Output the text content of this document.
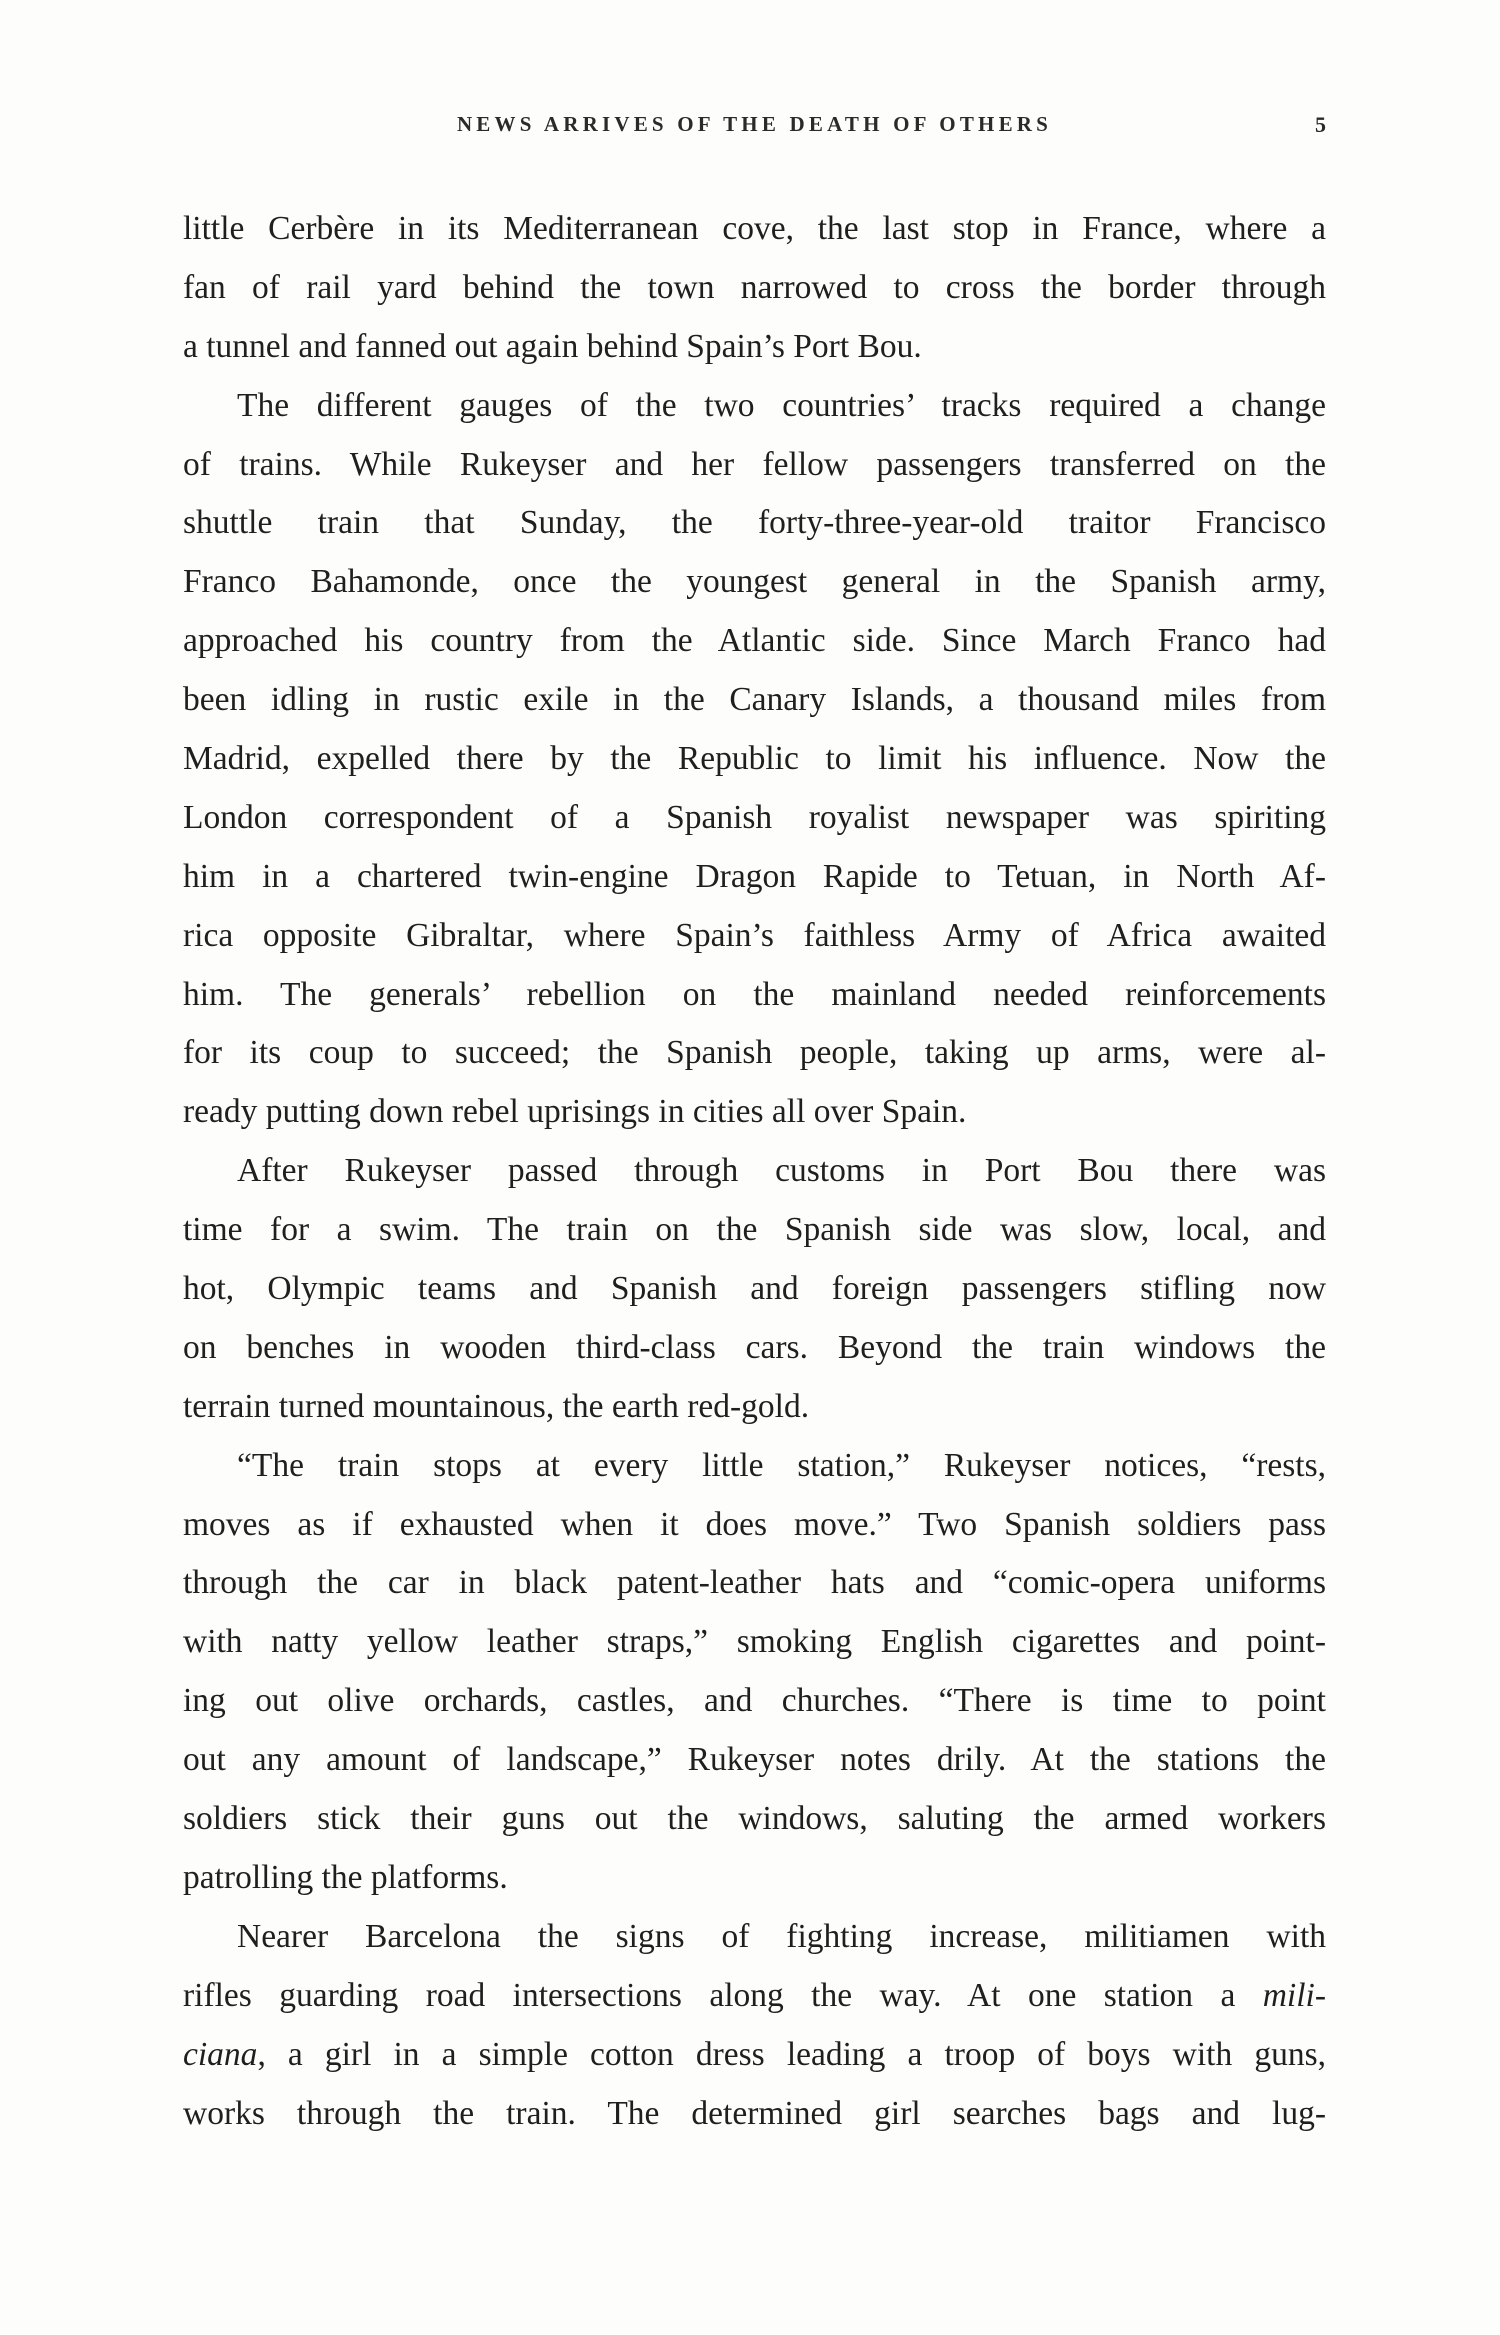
NEWS ARRIVES OF THE DEATH OF OTHERS	5
little Cerbère in its Mediterranean cove, the last stop in France, where a
fan of rail yard behind the town narrowed to cross the border through
a tunnel and fanned out again behind Spain’s Port Bou.
The different gauges of the two countries’ tracks required a change
of trains. While Rukeyser and her fellow passengers transferred on the
shuttle train that Sunday, the forty-three-year-old traitor Francisco
Franco Bahamonde, once the youngest general in the Spanish army,
approached his country from the Atlantic side. Since March Franco had
been idling in rustic exile in the Canary Islands, a thousand miles from
Madrid, expelled there by the Republic to limit his influence. Now the
London correspondent of a Spanish royalist newspaper was spiriting
him in a chartered twin-engine Dragon Rapide to Tetuan, in North Af-
rica opposite Gibraltar, where Spain’s faithless Army of Africa awaited
him. The generals’ rebellion on the mainland needed reinforcements
for its coup to succeed; the Spanish people, taking up arms, were al-
ready putting down rebel uprisings in cities all over Spain.
After Rukeyser passed through customs in Port Bou there was
time for a swim. The train on the Spanish side was slow, local, and
hot, Olympic teams and Spanish and foreign passengers stifling now
on benches in wooden third-class cars. Beyond the train windows the
terrain turned mountainous, the earth red-gold.
“The train stops at every little station,” Rukeyser notices, “rests,
moves as if exhausted when it does move.” Two Spanish soldiers pass
through the car in black patent-leather hats and “comic-opera uniforms
with natty yellow leather straps,” smoking English cigarettes and point-
ing out olive orchards, castles, and churches. “There is time to point
out any amount of landscape,” Rukeyser notes drily. At the stations the
soldiers stick their guns out the windows, saluting the armed workers
patrolling the platforms.
Nearer Barcelona the signs of fighting increase, militiamen with
rifles guarding road intersections along the way. At one station a mili-
ciana, a girl in a simple cotton dress leading a troop of boys with guns,
works through the train. The determined girl searches bags and lug-
